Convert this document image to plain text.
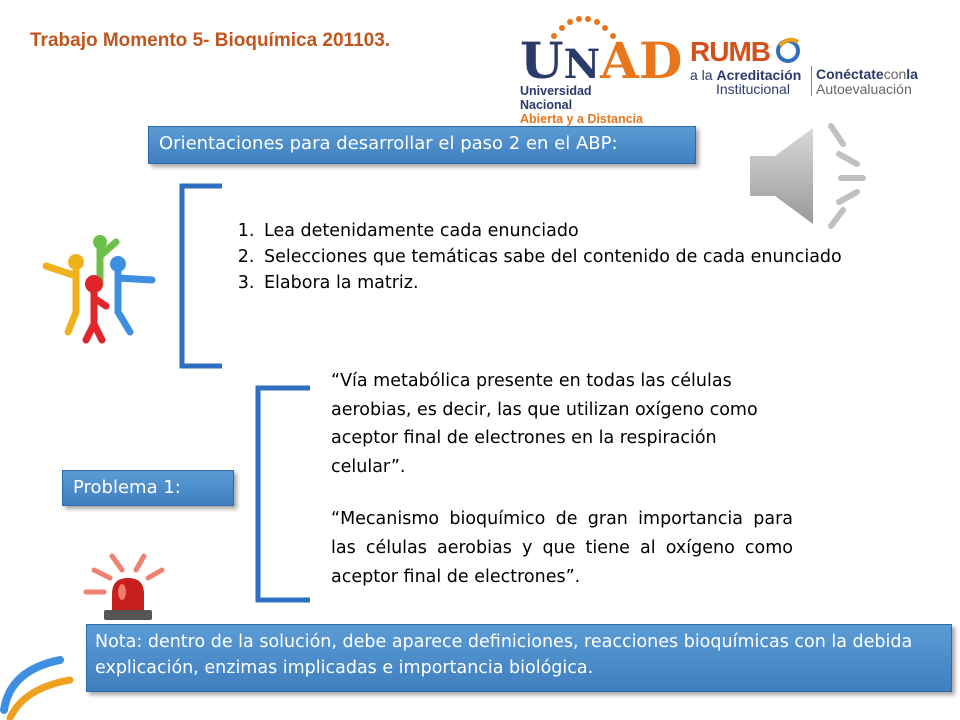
Trabajo Momento 5- Bioquímica 201103.	UNAD
Universidad Nacional
Abierta y a Distancia
RUMB
a la Acreditación
Institucional
Conéctateconla
Autoevaluación
Orientaciones para desarrollar el paso 2 en el ABP:
1. Lea detenidamente cada enunciado
2. Selecciones que temáticas sabe del contenido de cada enunciado
3. Elabora la matriz.
“Vía metabólica presente en todas las células aerobias, es decir, las que utilizan oxígeno como aceptor final de electrones en la respiración celular”.
“Mecanismo bioquímico de gran importancia para las células aerobias y que tiene al oxígeno como aceptor final de electrones”.
Problema 1:
Nota: dentro de la solución, debe aparece definiciones, reacciones bioquímicas con la debida explicación, enzimas implicadas e importancia biológica.
